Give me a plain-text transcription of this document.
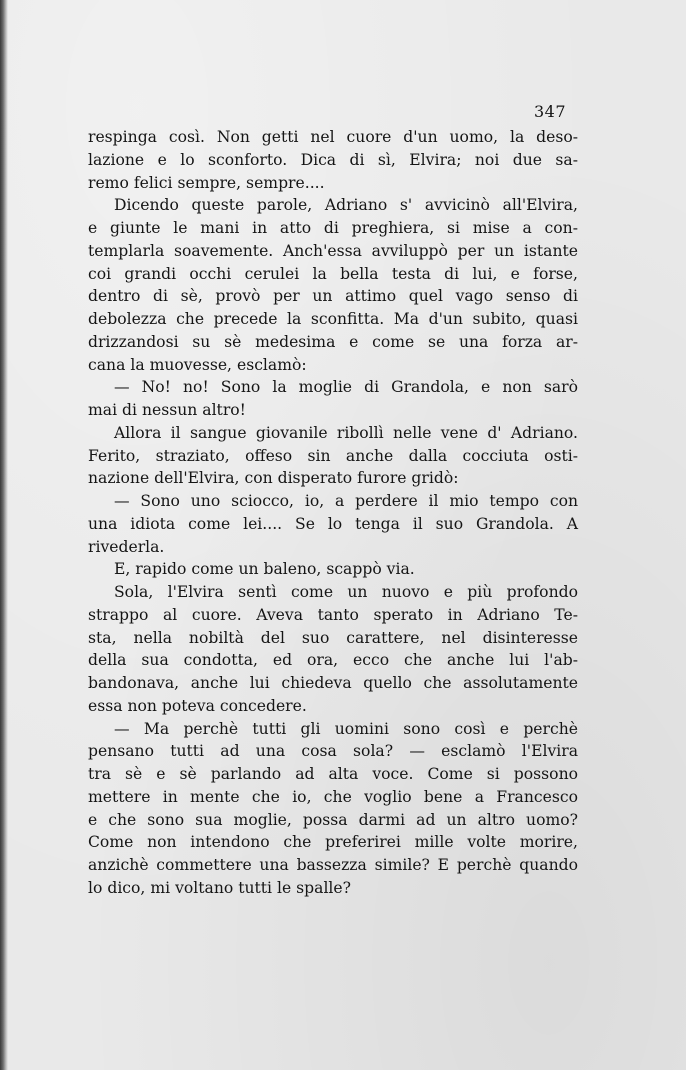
347
respinga così. Non getti nel cuore d'un uomo, la deso-
lazione e lo sconforto. Dica di sì, Elvira; noi due sa-
remo felici sempre, sempre....
Dicendo queste parole, Adriano s' avvicinò all'Elvira,
e giunte le mani in atto di preghiera, si mise a con-
templarla soavemente. Anch'essa avviluppò per un istante
coi grandi occhi cerulei la bella testa di lui, e forse,
dentro di sè, provò per un attimo quel vago senso di
debolezza che precede la sconfitta. Ma d'un subito, quasi
drizzandosi su sè medesima e come se una forza ar-
cana la muovesse, esclamò:
— No! no! Sono la moglie di Grandola, e non sarò
mai di nessun altro!
Allora il sangue giovanile ribollì nelle vene d' Adriano.
Ferito, straziato, offeso sin anche dalla cocciuta osti-
nazione dell'Elvira, con disperato furore gridò:
— Sono uno sciocco, io, a perdere il mio tempo con
una idiota come lei.... Se lo tenga il suo Grandola. A
rivederla.
E, rapido come un baleno, scappò via.
Sola, l'Elvira sentì come un nuovo e più profondo
strappo al cuore. Aveva tanto sperato in Adriano Te-
sta, nella nobiltà del suo carattere, nel disinteresse
della sua condotta, ed ora, ecco che anche lui l'ab-
bandonava, anche lui chiedeva quello che assolutamente
essa non poteva concedere.
— Ma perchè tutti gli uomini sono così e perchè
pensano tutti ad una cosa sola? — esclamò l'Elvira
tra sè e sè parlando ad alta voce. Come si possono
mettere in mente che io, che voglio bene a Francesco
e che sono sua moglie, possa darmi ad un altro uomo?
Come non intendono che preferirei mille volte morire,
anzichè commettere una bassezza simile? E perchè quando
lo dico, mi voltano tutti le spalle?
